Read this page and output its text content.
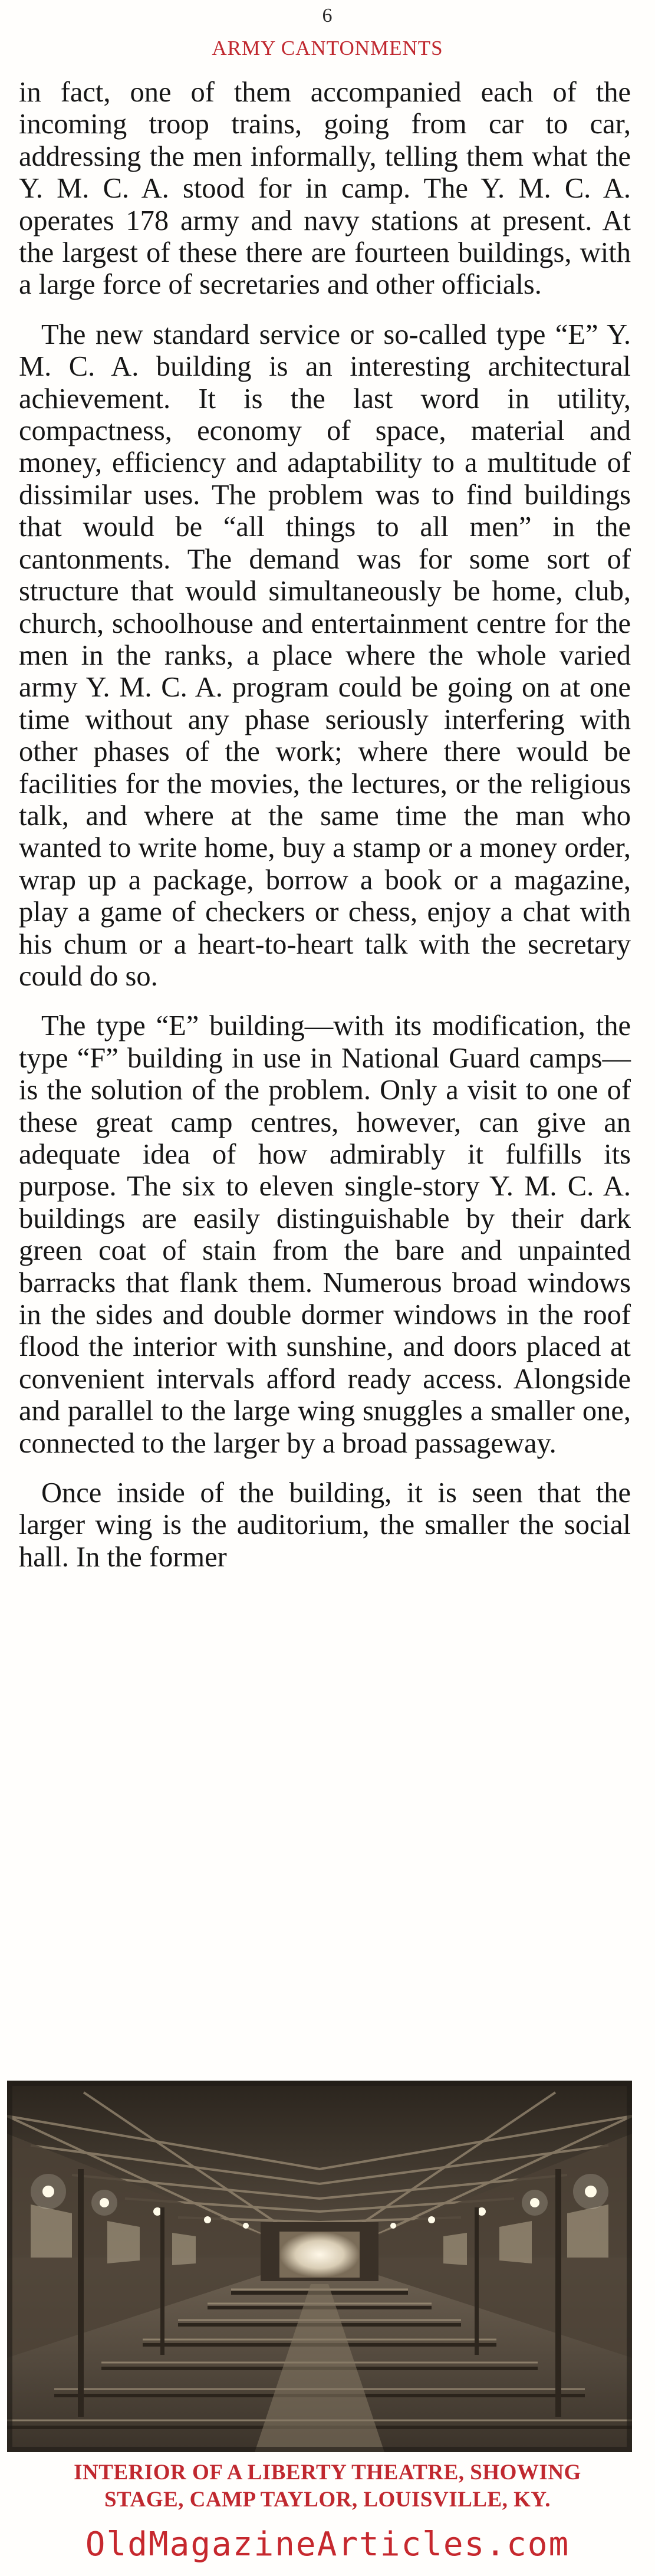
6
ARMY CANTONMENTS

in fact, one of them accompanied each of the incoming troop trains, going from car to car, addressing the men informally, telling them what the Y. M. C. A. stood for in camp. The Y. M. C. A. operates 178 army and navy stations at present. At the largest of these there are fourteen buildings, with a large force of secretaries and other officials.

The new standard service or so-called type “E” Y. M. C. A. building is an interesting architectural achievement. It is the last word in utility, compactness, economy of space, material and money, efficiency and adaptability to a multitude of dissimilar uses. The problem was to find buildings that would be “all things to all men” in the cantonments. The demand was for some sort of structure that would simultaneously be home, club, church, schoolhouse and entertainment centre for the men in the ranks, a place where the whole varied army Y. M. C. A. program could be going on at one time without any phase seriously interfering with other phases of the work; where there would be facilities for the movies, the lectures, or the religious talk, and where at the same time the man who wanted to write home, buy a stamp or a money order, wrap up a package, borrow a book or a magazine, play a game of checkers or chess, enjoy a chat with his chum or a heart-to-heart talk with the secretary could do so.

The type “E” building—with its modification, the type “F” building in use in National Guard camps—is the solution of the problem. Only a visit to one of these great camp centres, however, can give an adequate idea of how admirably it fulfills its purpose. The six to eleven single-story Y. M. C. A. buildings are easily distinguishable by their dark green coat of stain from the bare and unpainted barracks that flank them. Numerous broad windows in the sides and double dormer windows in the roof flood the interior with sunshine, and doors placed at convenient intervals afford ready access. Alongside and parallel to the large wing snuggles a smaller one, connected to the larger by a broad passageway.

Once inside of the building, it is seen that the larger wing is the auditorium, the smaller the social hall. In the former

INTERIOR OF A LIBERTY THEATRE, SHOWING
STAGE, CAMP TAYLOR, LOUISVILLE, KY.
OldMagazineArticles.com
